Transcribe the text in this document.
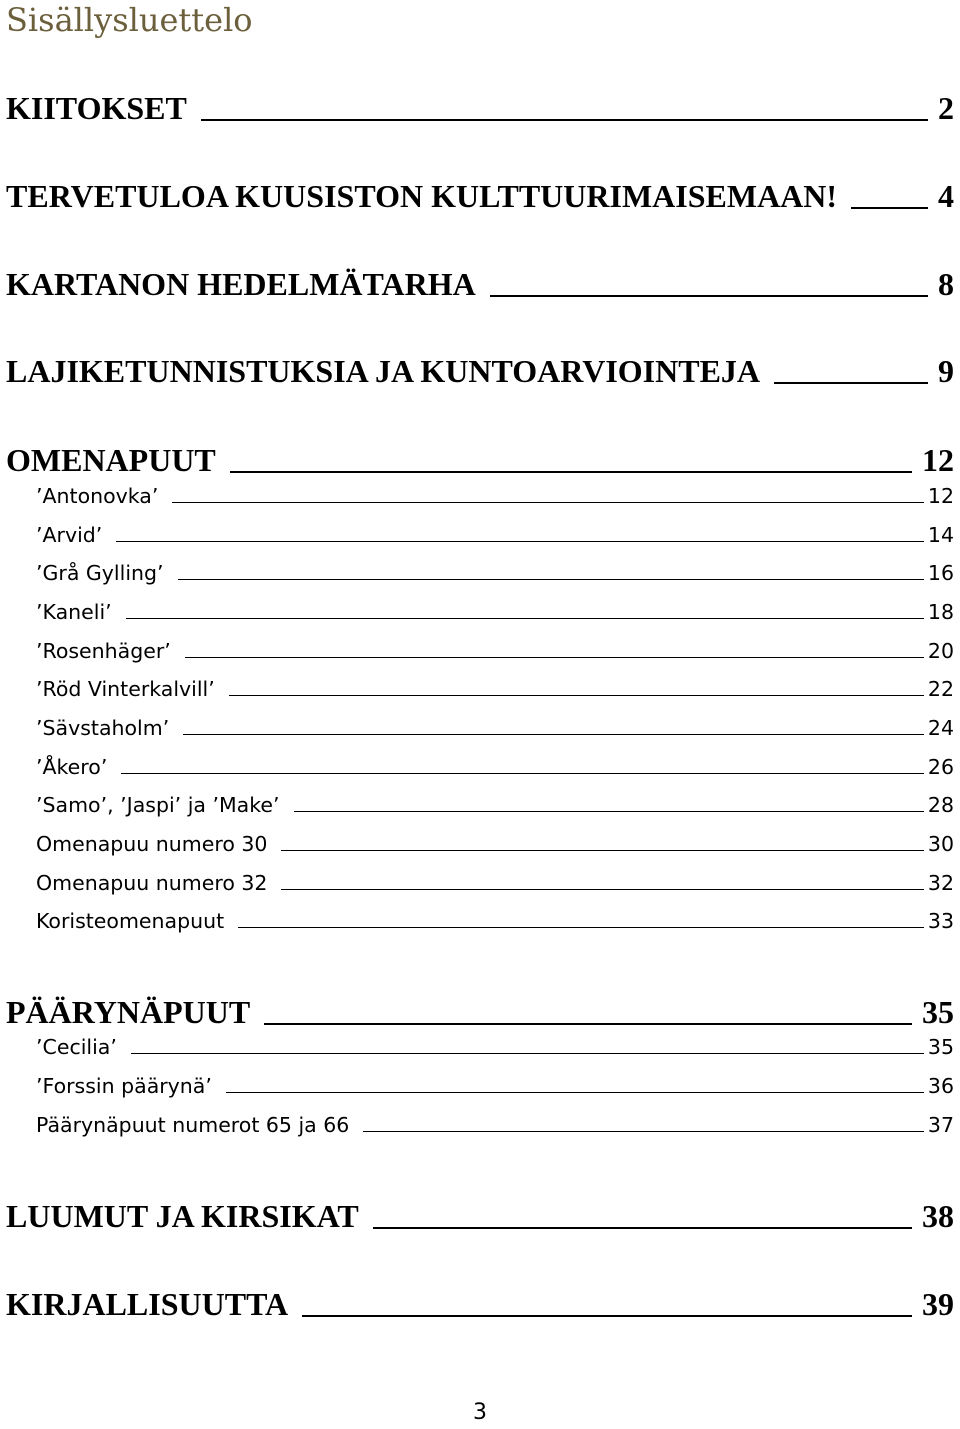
Sisällysluettelo
KIITOKSET	2
TERVETULOA KUUSISTON KULTTUURIMAISEMAAN!	4
KARTANON HEDELMÄTARHA	8
LAJIKETUNNISTUKSIA JA KUNTOARVIOINTEJA	9
OMENAPUUT	12
’Antonovka’	12
’Arvid’	14
’Grå Gylling’	16
’Kaneli’	18
’Rosenhäger’	20
’Röd Vinterkalvill’	22
’Sävstaholm’	24
’Åkero’	26
’Samo’, ’Jaspi’ ja ’Make’	28
Omenapuu numero 30	30
Omenapuu numero 32	32
Koristeomenapuut	33
PÄÄRYNÄPUUT	35
’Cecilia’	35
’Forssin päärynä’	36
Päärynäpuut numerot 65 ja 66	37
LUUMUT JA KIRSIKAT	38
KIRJALLISUUTTA	39
3
